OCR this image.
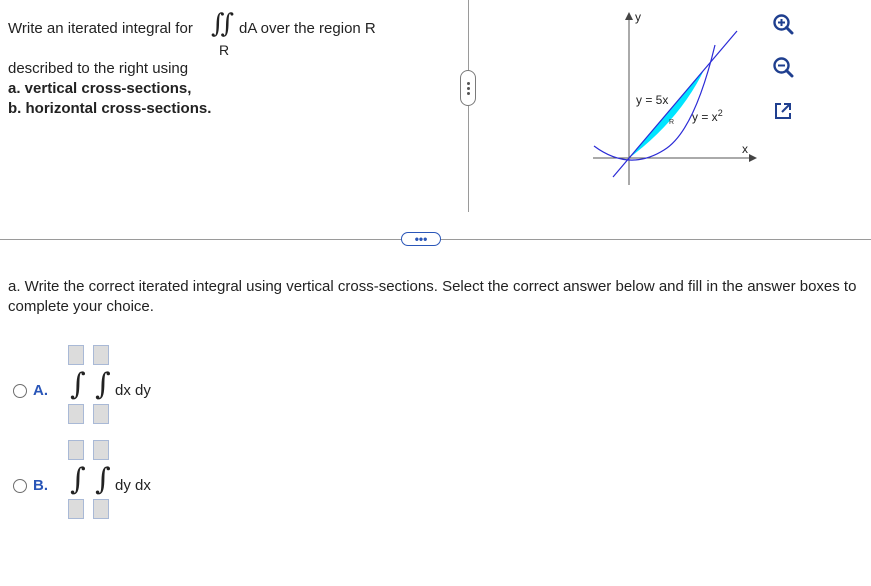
Write an iterated integral for ∫∫
R
dA over the region R
described to the right using
a. vertical cross-sections,
b. horizontal cross-sections.
y
x
y = 5x
R $y = x^2$
•••
a. Write the correct iterated integral using vertical cross-sections. Select the correct answer below and fill in the answer boxes to complete your choice.
A. ∫ ∫ dx dy
B. ∫ ∫ dy dx
